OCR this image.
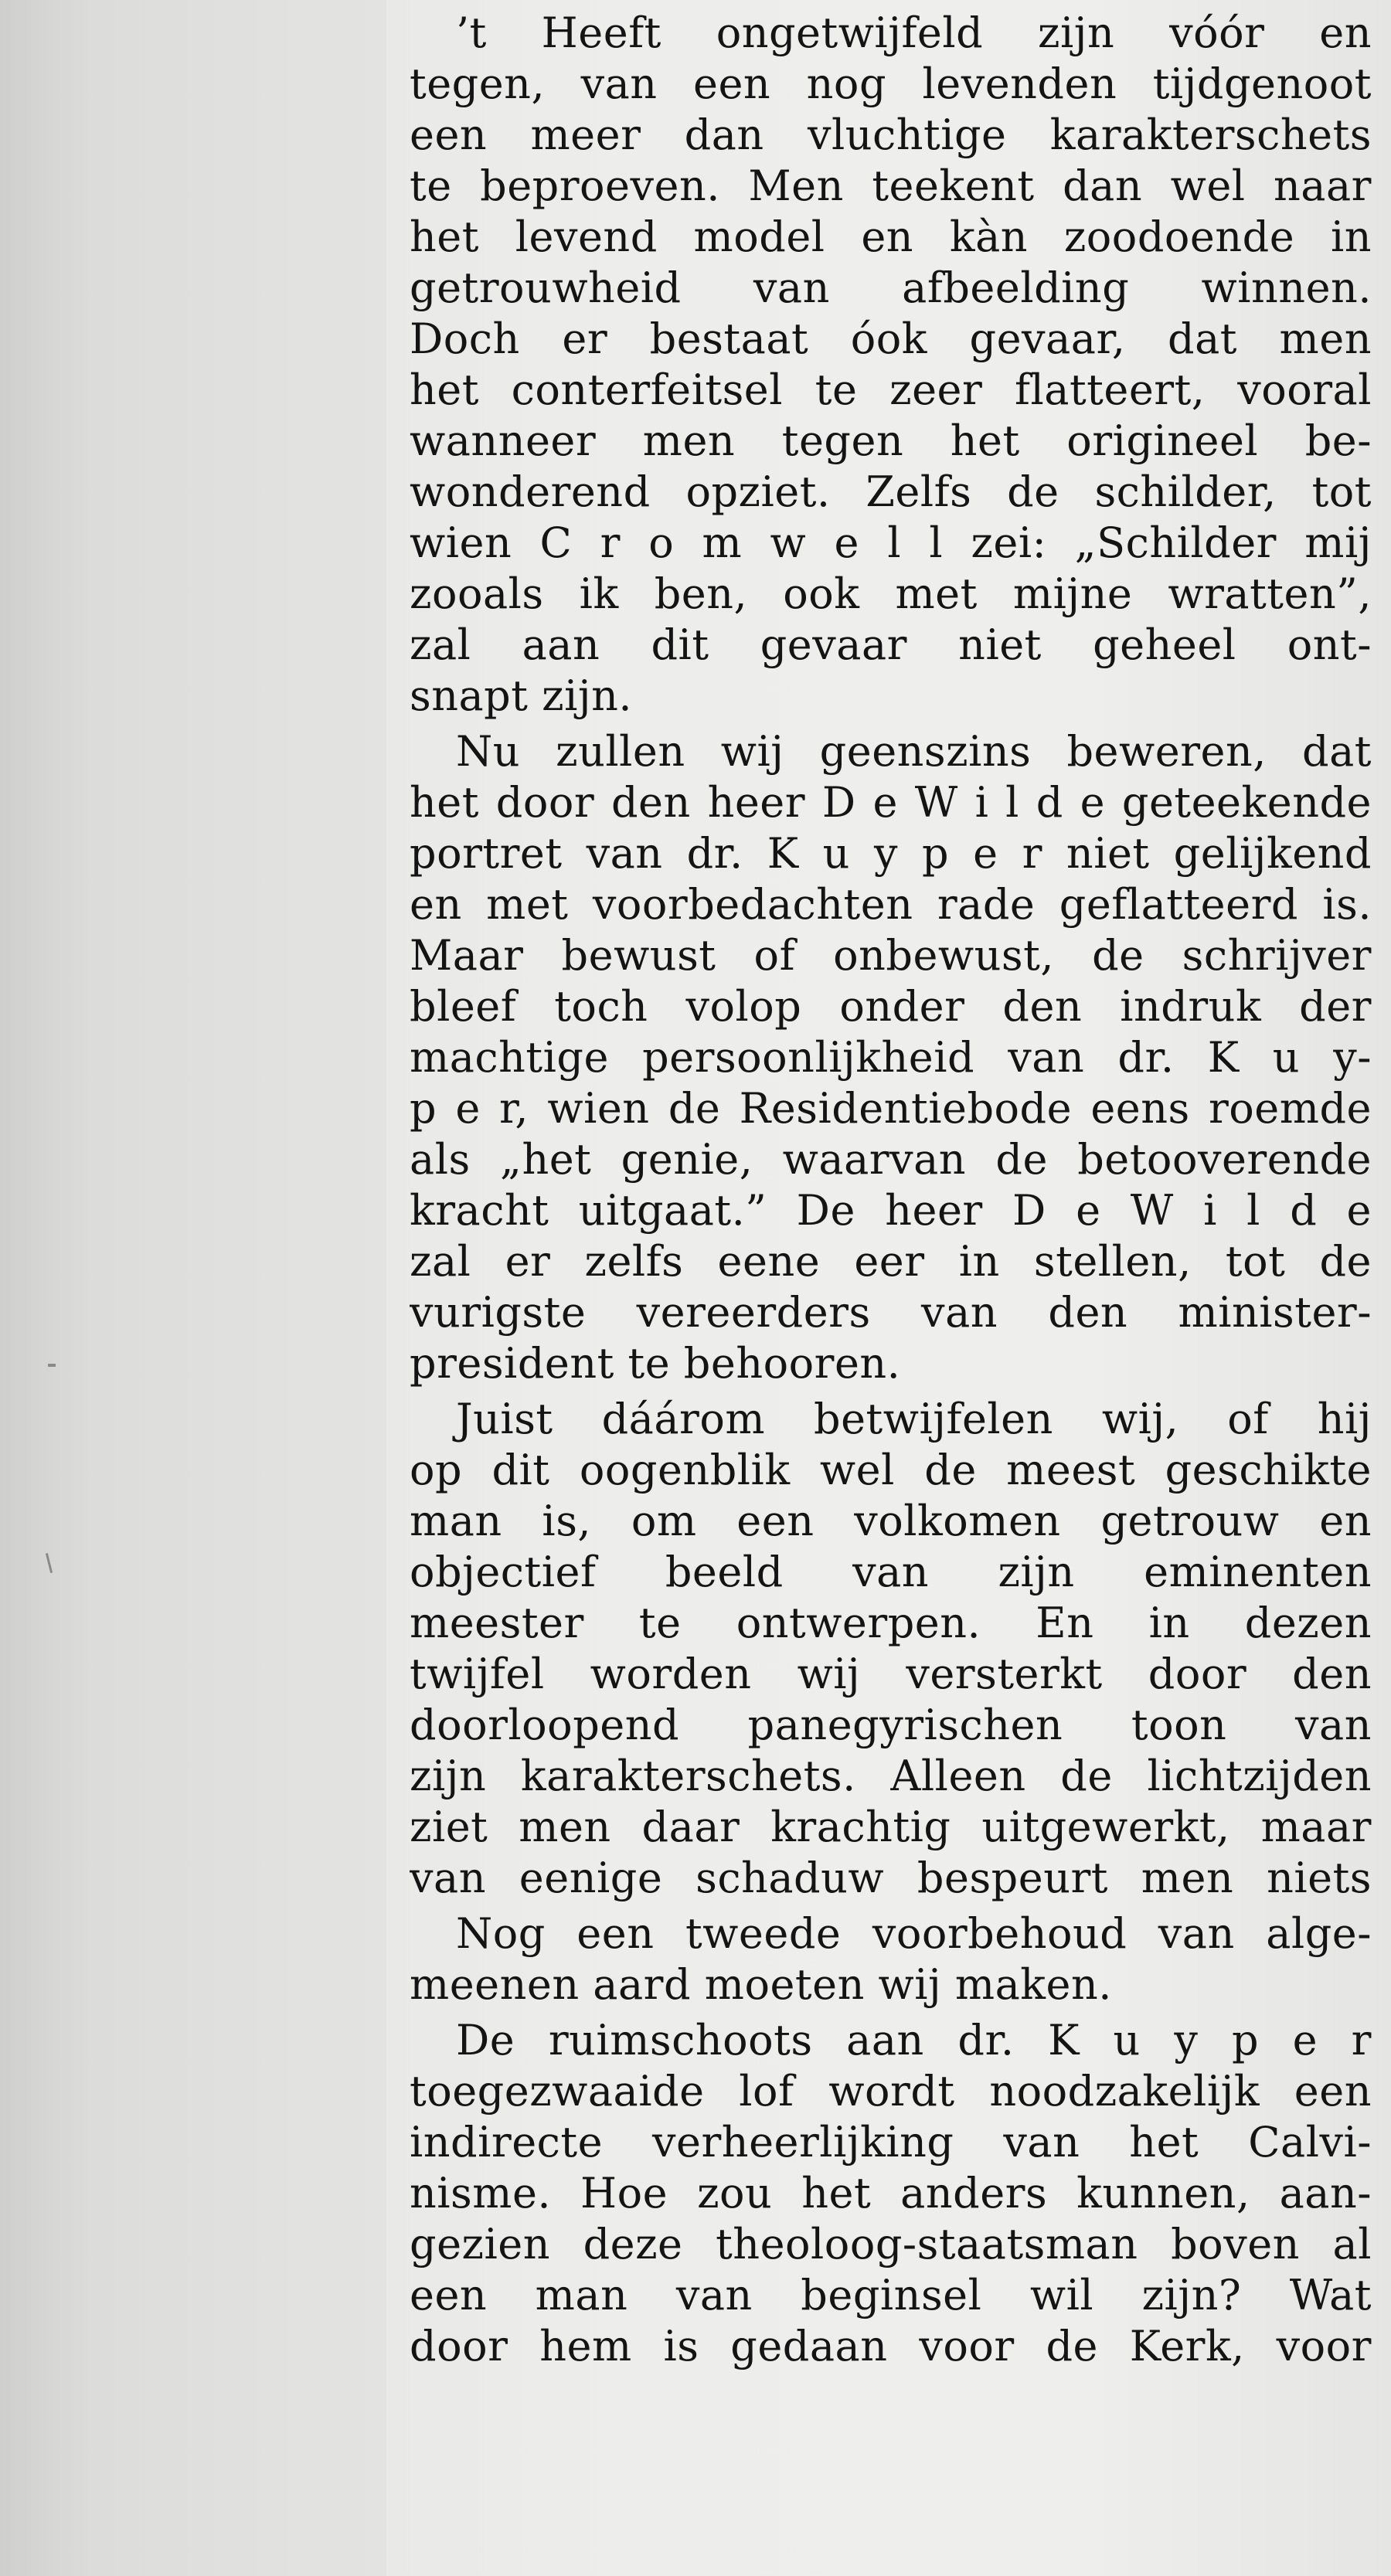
’t Heeft ongetwijfeld zijn vóór en
tegen, van een nog levenden tijdgenoot
een meer dan vluchtige karakterschets
te beproeven. Men teekent dan wel naar
het levend model en kàn zoodoende in
getrouwheid van afbeelding winnen.
Doch er bestaat óok gevaar, dat men
het conterfeitsel te zeer flatteert, vooral
wanneer men tegen het origineel be-
wonderend opziet. Zelfs de schilder, tot
wien C r o m w e l l zei: „Schilder mij
zooals ik ben, ook met mijne wratten”,
zal aan dit gevaar niet geheel ont-
snapt zijn.
Nu zullen wij geenszins beweren, dat
het door den heer D e W i l d e geteekende
portret van dr. K u y p e r niet gelijkend
en met voorbedachten rade geflatteerd is.
Maar bewust of onbewust, de schrijver
bleef toch volop onder den indruk der
machtige persoonlijkheid van dr. K u y-
p e r, wien de Residentiebode eens roemde
als „het genie, waarvan de betooverende
kracht uitgaat.” De heer D e W i l d e
zal er zelfs eene eer in stellen, tot de
vurigste vereerders van den minister-
president te behooren.
Juist dáárom betwijfelen wij, of hij
op dit oogenblik wel de meest geschikte
man is, om een volkomen getrouw en
objectief beeld van zijn eminenten
meester te ontwerpen. En in dezen
twijfel worden wij versterkt door den
doorloopend panegyrischen toon van
zijn karakterschets. Alleen de lichtzijden
ziet men daar krachtig uitgewerkt, maar
van eenige schaduw bespeurt men niets
Nog een tweede voorbehoud van alge-
meenen aard moeten wij maken.
De ruimschoots aan dr. K u y p e r
toegezwaaide lof wordt noodzakelijk een
indirecte verheerlijking van het Calvi-
nisme. Hoe zou het anders kunnen, aan-
gezien deze theoloog-staatsman boven al
een man van beginsel wil zijn? Wat
door hem is gedaan voor de Kerk, voor
